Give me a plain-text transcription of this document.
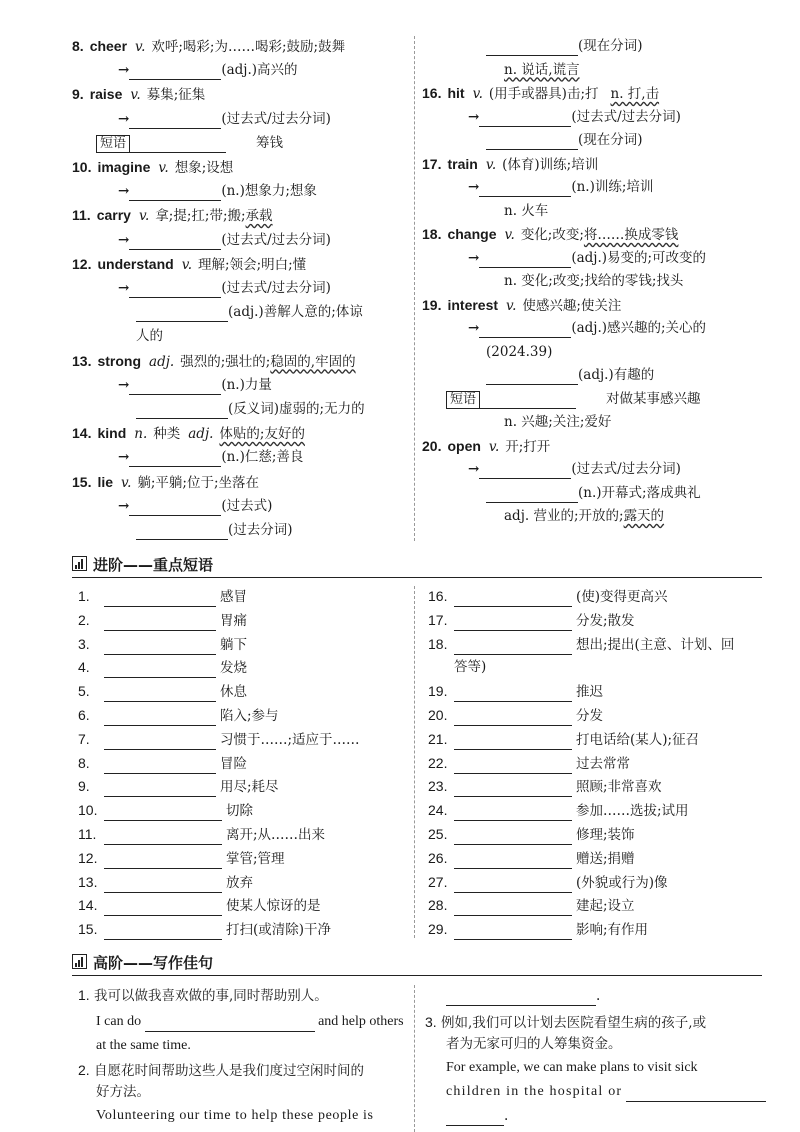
8. cheer v. 欢呼;喝彩;为……喝彩;鼓励;鼓舞
→	(adj.)高兴的
9. raise v. 募集;征集
→	(过去式/过去分词)
短语	筹钱
10. imagine v. 想象;设想
→	(n.)想象力;想象
11. carry v. 拿;提;扛;带;搬;承载
→	(过去式/过去分词)
12. understand v. 理解;领会;明白;懂
→	(过去式/过去分词)
(adj.)善解人意的;体谅
人的
13. strong adj. 强烈的;强壮的;稳固的,牢固的
→	(n.)力量
(反义词)虚弱的;无力的
14. kind n. 种类 adj. 体贴的;友好的
→	(n.)仁慈;善良
15. lie v. 躺;平躺;位于;坐落在
→	(过去式)
(过去分词)
(现在分词)
n. 说话,谎言
16. hit v. (用手或器具)击;打 n. 打,击
→	(过去式/过去分词)
(现在分词)
17. train v. (体育)训练;培训
→	(n.)训练;培训
n. 火车
18. change v. 变化;改变;将……换成零钱
→	(adj.)易变的;可改变的
n. 变化;改变;找给的零钱;找头
19. interest v. 使感兴趣;使关注
→	(adj.)感兴趣的;关心的
(2024.39)
(adj.)有趣的
短语	对做某事感兴趣
n. 兴趣;关注;爱好
20. open v. 开;打开
→	(过去式/过去分词)
(n.)开幕式;落成典礼
adj. 营业的;开放的;露天的
进阶——重点短语
1.	感冒
2.	胃痛
3.	躺下
4.	发烧
5.	休息
6.	陷入;参与
7.	习惯于……;适应于……
8.	冒险
9.	用尽;耗尽
10.	切除
11.	离开;从……出来
12.	掌管;管理
13.	放弃
14.	使某人惊讶的是
15.	打扫(或清除)干净
16.	(使)变得更高兴
17.	分发;散发
18.	想出;提出(主意、计划、回
答等)
19.	推迟
20.	分发
21.	打电话给(某人);征召
22.	过去常常
23.	照顾;非常喜欢
24.	参加……选拔;试用
25.	修理;装饰
26.	赠送;捐赠
27.	(外貌或行为)像
28.	建起;设立
29.	影响;有作用
高阶——写作佳句
1. 我可以做我喜欢做的事,同时帮助别人。
I can do	and help others
at the same time.
2. 自愿花时间帮助这些人是我们度过空闲时间的
好方法。
Volunteering our time to help these people is
.
3. 例如,我们可以计划去医院看望生病的孩子,或
者为无家可归的人筹集资金。
For example, we can make plans to visit sick
children in the hospital or
.
